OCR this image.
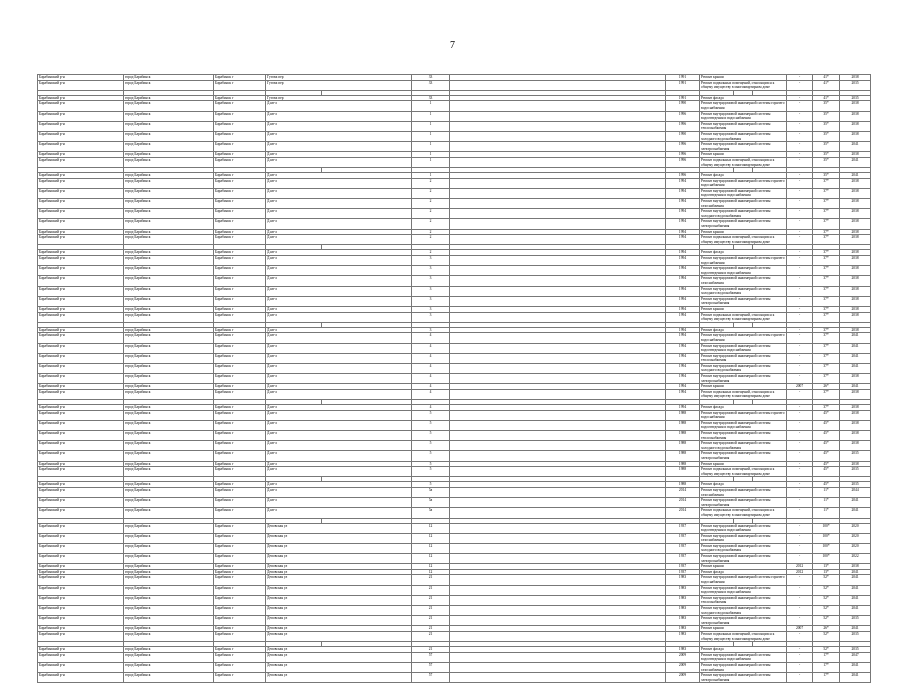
7
Барабинский р-н	город Барабинск	Барабинск г	Гутова пер		33		1991	Ремонт крыши			-	41*	2038	
Барабинский р-н	город Барабинск	Барабинск г	Гутова пер		33		1991	Ремонт подвальных помещений, относящихся к общему имуществу в многоквартирном доме			-	41*	2035	

Барабинский р-н	город Барабинск	Барабинск г	Гутова пер		33		1991	Ремонт фасада			-	41*	2035	
Барабинский р-н	город Барабинск	Барабинск г	Д.кв-л		1		1990	Ремонт внутридомовой инженерной системы горячего водоснабжения			-	35*	2038	
Барабинский р-н	город Барабинск	Барабинск г	Д.кв-л		1		1996	Ремонт внутридомовой инженерной системы водоотведения и водоснабжения			-	35*	2038	
Барабинский р-н	город Барабинск	Барабинск г	Д.кв-л		1		1996	Ремонт внутридомовой инженерной системы теплоснабжения			-	35*	2038	
Барабинский р-н	город Барабинск	Барабинск г	Д.кв-л		1		1990	Ремонт внутридомовой инженерной системы холодного водоснабжения			-	35*	2038	
Барабинский р-н	город Барабинск	Барабинск г	Д.кв-л		1		1996	Ремонт внутридомовой инженерной системы электроснабжения			-	35*	2041	
Барабинский р-н	город Барабинск	Барабинск г	Д.кв-л		1		1996	Ремонт крыши			-	35*	2038	
Барабинский р-н	город Барабинск	Барабинск г	Д.кв-л		1		1996	Ремонт подвальных помещений, относящихся к общему имуществу в многоквартирном доме			-	35*	2041	

Барабинский р-н	город Барабинск	Барабинск г	Д.кв-л		1		1996	Ремонт фасада			-	35*	2041	
Барабинский р-н	город Барабинск	Барабинск г	Д.кв-л		2		1994	Ремонт внутридомовой инженерной системы горячего водоснабжения			-	37*	2038	
Барабинский р-н	город Барабинск	Барабинск г	Д.кв-л		2		1994	Ремонт внутридомовой инженерной системы водоотведения и водоснабжения			-	37*	2038	
Барабинский р-н	город Барабинск	Барабинск г	Д.кв-л		2		1994	Ремонт внутридомовой инженерной системы газоснабжения			-	37*	2038	
Барабинский р-н	город Барабинск	Барабинск г	Д.кв-л		2		1994	Ремонт внутридомовой инженерной системы холодного водоснабжения			-	37*	2038	
Барабинский р-н	город Барабинск	Барабинск г	Д.кв-л		2		1994	Ремонт внутридомовой инженерной системы электроснабжения			-	37*	2038	
Барабинский р-н	город Барабинск	Барабинск г	Д.кв-л		2		1994	Ремонт крыши			-	37*	2038	
Барабинский р-н	город Барабинск	Барабинск г	Д.кв-л		2		1994	Ремонт подвальных помещений, относящихся к общему имуществу в многоквартирном доме			-	37*	2038	

Барабинский р-н	город Барабинск	Барабинск г	Д.кв-л		2		1994	Ремонт фасада			-	37*	2038	
Барабинский р-н	город Барабинск	Барабинск г	Д.кв-л		3		1994	Ремонт внутридомовой инженерной системы горячего водоснабжения			-	37*	2038	
Барабинский р-н	город Барабинск	Барабинск г	Д.кв-л		3		1994	Ремонт внутридомовой инженерной системы водоотведения и водоснабжения			-	37*	2038	
Барабинский р-н	город Барабинск	Барабинск г	Д.кв-л		3		1994	Ремонт внутридомовой инженерной системы газоснабжения			-	37*	2038	
Барабинский р-н	город Барабинск	Барабинск г	Д.кв-л		3		1994	Ремонт внутридомовой инженерной системы холодного водоснабжения			-	37*	2038	
Барабинский р-н	город Барабинск	Барабинск г	Д.кв-л		3		1994	Ремонт внутридомовой инженерной системы электроснабжения			-	37*	2038	
Барабинский р-н	город Барабинск	Барабинск г	Д.кв-л		3		1994	Ремонт крыши			-	37*	2038	
Барабинский р-н	город Барабинск	Барабинск г	Д.кв-л		3		1994	Ремонт подвальных помещений, относящихся к общему имуществу в многоквартирном доме			-	37*	2038	

Барабинский р-н	город Барабинск	Барабинск г	Д.кв-л		3		1994	Ремонт фасада			-	37*	2038	
Барабинский р-н	город Барабинск	Барабинск г	Д.кв-л		4		1994	Ремонт внутридомовой инженерной системы горячего водоснабжения			-	37*	2041	
Барабинский р-н	город Барабинск	Барабинск г	Д.кв-л		4		1994	Ремонт внутридомовой инженерной системы водоотведения и водоснабжения			-	37*	2041	
Барабинский р-н	город Барабинск	Барабинск г	Д.кв-л		4		1994	Ремонт внутридомовой инженерной системы теплоснабжения			-	37*	2041	
Барабинский р-н	город Барабинск	Барабинск г	Д.кв-л		4		1994	Ремонт внутридомовой инженерной системы холодного водоснабжения			-	37*	2041	
Барабинский р-н	город Барабинск	Барабинск г	Д.кв-л		4		1994	Ремонт внутридомовой инженерной системы электроснабжения			-	37*	2038	
Барабинский р-н	город Барабинск	Барабинск г	Д.кв-л		4		1994	Ремонт крыши			2007	26*	2041	
Барабинский р-н	город Барабинск	Барабинск г	Д.кв-л		4		1994	Ремонт подвальных помещений, относящихся к общему имуществу в многоквартирном доме			-	37*	2038	

Барабинский р-н	город Барабинск	Барабинск г	Д.кв-л		4		1994	Ремонт фасада			-	37*	2038	
Барабинский р-н	город Барабинск	Барабинск г	Д.кв-л		5		1988	Ремонт внутридомовой инженерной системы горячего водоснабжения			-	45*	2038	
Барабинский р-н	город Барабинск	Барабинск г	Д.кв-л		5		1988	Ремонт внутридомовой инженерной системы водоотведения и водоснабжения			-	45*	2038	
Барабинский р-н	город Барабинск	Барабинск г	Д.кв-л		5		1988	Ремонт внутридомовой инженерной системы теплоснабжения			-	45*	2038	
Барабинский р-н	город Барабинск	Барабинск г	Д.кв-л		5		1988	Ремонт внутридомовой инженерной системы холодного водоснабжения			-	45*	2038	
Барабинский р-н	город Барабинск	Барабинск г	Д.кв-л		5		1988	Ремонт внутридомовой инженерной системы электроснабжения			-	45*	2035	
Барабинский р-н	город Барабинск	Барабинск г	Д.кв-л		5		1988	Ремонт крыши			-	45*	2038	
Барабинский р-н	город Барабинск	Барабинск г	Д.кв-л		5		1988	Ремонт подвальных помещений, относящихся к общему имуществу в многоквартирном доме			-	45*	2035	

Барабинский р-н	город Барабинск	Барабинск г	Д.кв-л		5		1988	Ремонт фасада			-	45*	2035	
Барабинский р-н	город Барабинск	Барабинск г	Д.кв-л		5а		2014	Ремонт внутридомовой инженерной системы газоснабжения			-	11*	2044	
Барабинский р-н	город Барабинск	Барабинск г	Д.кв-л		5а		2014	Ремонт внутридомовой инженерной системы электроснабжения			-	11*	2041	
Барабинский р-н	город Барабинск	Барабинск г	Д.кв-л		5а		2014	Ремонт подвальных помещений, относящихся к общему имуществу в многоквартирном доме			-	11*	2041	

Барабинский р-н	город Барабинск	Барабинск г	Деповская ул		12		1937	Ремонт внутридомовой инженерной системы водоотведения и водоснабжения			-	100*	2020	
Барабинский р-н	город Барабинск	Барабинск г	Деповская ул		12		1937	Ремонт внутридомовой инженерной системы газоснабжения			-	100*	2020	
Барабинский р-н	город Барабинск	Барабинск г	Деповская ул		12		1937	Ремонт внутридомовой инженерной системы холодного водоснабжения			-	100*	2020	
Барабинский р-н	город Барабинск	Барабинск г	Деповская ул		12		1937	Ремонт внутридомовой инженерной системы электроснабжения			-	100*	2022	
Барабинский р-н	город Барабинск	Барабинск г	Деповская ул		12		1937	Ремонт крыши			2012	13*	2038	
Барабинский р-н	город Барабинск	Барабинск г	Деповская ул		12		1937	Ремонт фасада			2012	13*	2041	
Барабинский р-н	город Барабинск	Барабинск г	Деповская ул		21		1983	Ремонт внутридомовой инженерной системы горячего водоснабжения			-	52*	2041	
Барабинский р-н	город Барабинск	Барабинск г	Деповская ул		21		1983	Ремонт внутридомовой инженерной системы водоотведения и водоснабжения			-	52*	2041	
Барабинский р-н	город Барабинск	Барабинск г	Деповская ул		21		1983	Ремонт внутридомовой инженерной системы теплоснабжения			-	52*	2041	
Барабинский р-н	город Барабинск	Барабинск г	Деповская ул		21		1983	Ремонт внутридомовой инженерной системы холодного водоснабжения			-	52*	2041	
Барабинский р-н	город Барабинск	Барабинск г	Деповская ул		21		1983	Ремонт внутридомовой инженерной системы электроснабжения			-	52*	2035	
Барабинский р-н	город Барабинск	Барабинск г	Деповская ул		21		1983	Ремонт крыши			2007	26*	2041	
Барабинский р-н	город Барабинск	Барабинск г	Деповская ул		21		1983	Ремонт подвальных помещений, относящихся к общему имуществу в многоквартирном доме			-	52*	2035	

Барабинский р-н	город Барабинск	Барабинск г	Деповская ул		21		1983	Ремонт фасада			-	52*	2035	
Барабинский р-н	город Барабинск	Барабинск г	Деповская ул		57		2009	Ремонт внутридомовой инженерной системы водоотведения и водоснабжения			-	17*	2047	
Барабинский р-н	город Барабинск	Барабинск г	Деповская ул		57		2009	Ремонт внутридомовой инженерной системы газоснабжения			-	17*	2041	
Барабинский р-н	город Барабинск	Барабинск г	Деповская ул		57		2009	Ремонт внутридомовой инженерной системы электроснабжения			-	17*	2041	
